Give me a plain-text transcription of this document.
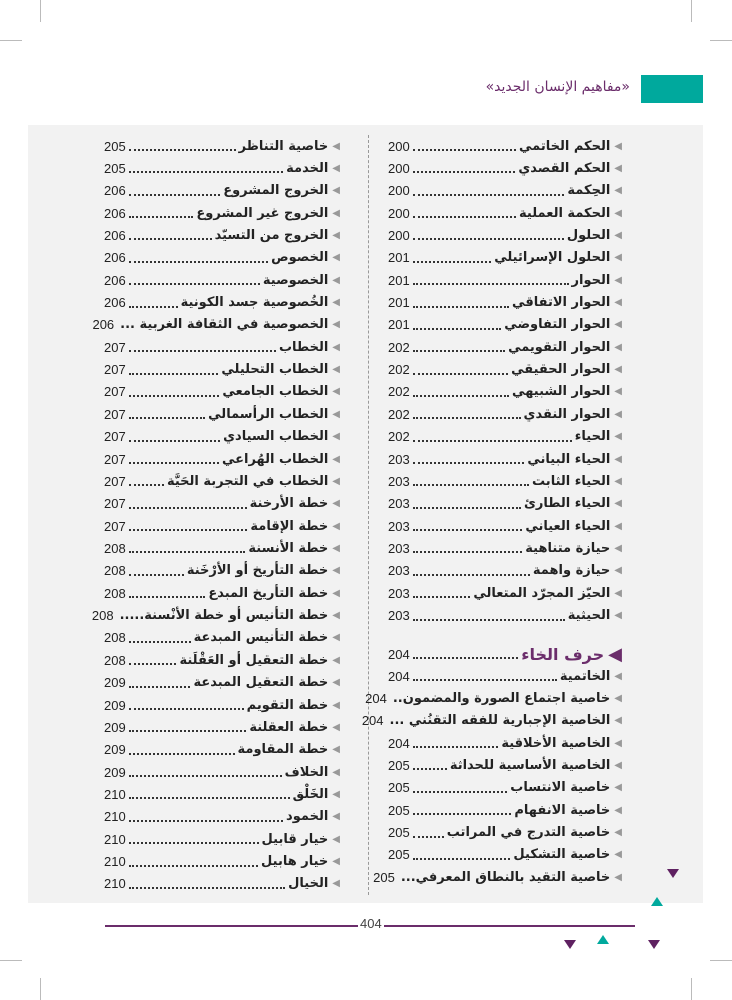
«مفاهيم الإنسان الجديد»
◀
الحكم الخاتمي
200
◀
الحكم القصدي
200
◀
الحِكمة
200
◀
الحكمة العملية
200
◀
الحلول
200
◀
الحلول الإسرائيلي
201
◀
الحوار
201
◀
الحوار الاتفاقي
201
◀
الحوار التفاوضي
201
◀
الحوار التقويمي
202
◀
الحوار الحقيقي
202
◀
الحوار الشبيهي
202
◀
الحوار النقدي
202
◀
الحياء
202
◀
الحياء البياني
203
◀
الحياء الثابت
203
◀
الحياء الطارئ
203
◀
الحياء العياني
203
◀
حيازة متناهية
203
◀
حيازة واهمة
203
◀
الحيّز المجرّد المتعالي
203
◀
الحيثية
203
◀
حرف الخاء
204
◀
الخاتمية
204
◀
خاصية اجتماع الصورة والمضمون..
204
◀
الخاصية الإجبارية للفقه التقنُني ...
204
◀
الخاصية الأخلاقية
204
◀
الخاصية الأساسية للحداثة
205
◀
خاصية الانتساب
205
◀
خاصية الانفهام
205
◀
خاصية التدرج في المراتب
205
◀
خاصية التشكيل
205
◀
خاصية التقيد بالنطاق المعرفي...
205
◀
خاصية التناظر
205
◀
الخدمة
205
◀
الخروج المشروع
206
◀
الخروج غير المشروع
206
◀
الخروج من التسيّد
206
◀
الخصوص
206
◀
الخصوصية
206
◀
الخُصوصية جسد الكونية
206
◀
الخصوصية في الثقافة الغربية ...
206
◀
الخطاب
207
◀
الخطاب التحليلي
207
◀
الخطاب الجامعي
207
◀
الخطاب الرأسمالي
207
◀
الخطاب السيادي
207
◀
الخطاب الهُراعي
207
◀
الخطاب في التجربة الحَيَّة
207
◀
خطة الأرخنة
207
◀
خطة الإقامة
207
◀
خطة الأنسنة
208
◀
خطة التأريخ أو الأرْخَنة
208
◀
خطة التأريخ المبدع
208
◀
خطة التأنيس أو خطة الأنْسنة.....
208
◀
خطة التأنيس المبدعة
208
◀
خطة التعقيل أو العَقْلَنة
208
◀
خطة التعقيل المبدعة
209
◀
خطة التقويم
209
◀
خطة العقلنة
209
◀
خطة المقاومة
209
◀
الخلاف
209
◀
الخَلْق
210
◀
الخمود
210
◀
خيار قابيل
210
◀
خيار هابيل
210
◀
الخيال
210
404
